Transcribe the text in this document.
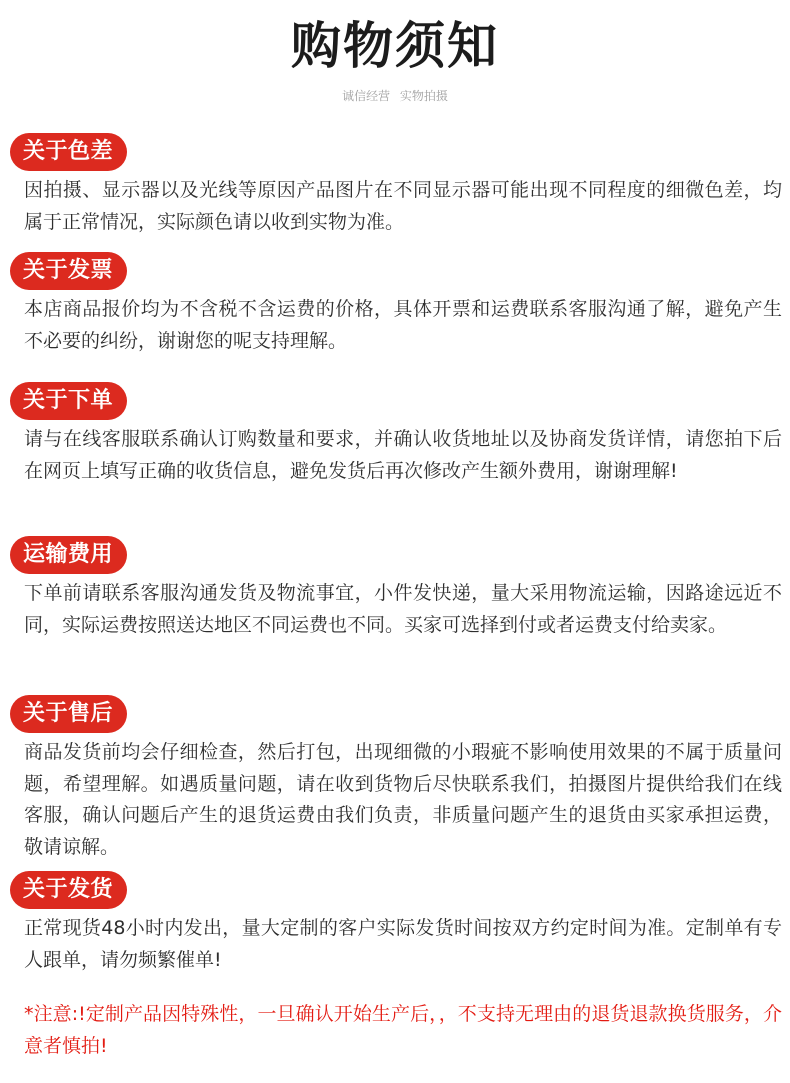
购物须知
诚信经营 实物拍摄
关于色差
因拍摄、显示器以及光线等原因产品图片在不同显示器可能出现不同程度的细微色差，均属于正常情况，实际颜色请以收到实物为准。
关于发票
本店商品报价均为不含税不含运费的价格，具体开票和运费联系客服沟通了解，避免产生不必要的纠纷，谢谢您的呢支持理解。
关于下单
请与在线客服联系确认订购数量和要求，并确认收货地址以及协商发货详情，请您拍下后在网页上填写正确的收货信息，避免发货后再次修改产生额外费用，谢谢理解!
运输费用
下单前请联系客服沟通发货及物流事宜，小件发快递，量大采用物流运输，因路途远近不同，实际运费按照送达地区不同运费也不同。买家可选择到付或者运费支付给卖家。
关于售后
商品发货前均会仔细检查，然后打包，出现细微的小瑕疵不影响使用效果的不属于质量问题，希望理解。如遇质量问题，请在收到货物后尽快联系我们，拍摄图片提供给我们在线客服，确认问题后产生的退货运费由我们负责，非质量问题产生的退货由买家承担运费，敬请谅解。
关于发货
正常现货48小时内发出，量大定制的客户实际发货时间按双方约定时间为准。定制单有专人跟单，请勿频繁催单!
*注意:!定制产品因特殊性，一旦确认开始生产后，，不支持无理由的退货退款换货服务，介意者慎拍!
